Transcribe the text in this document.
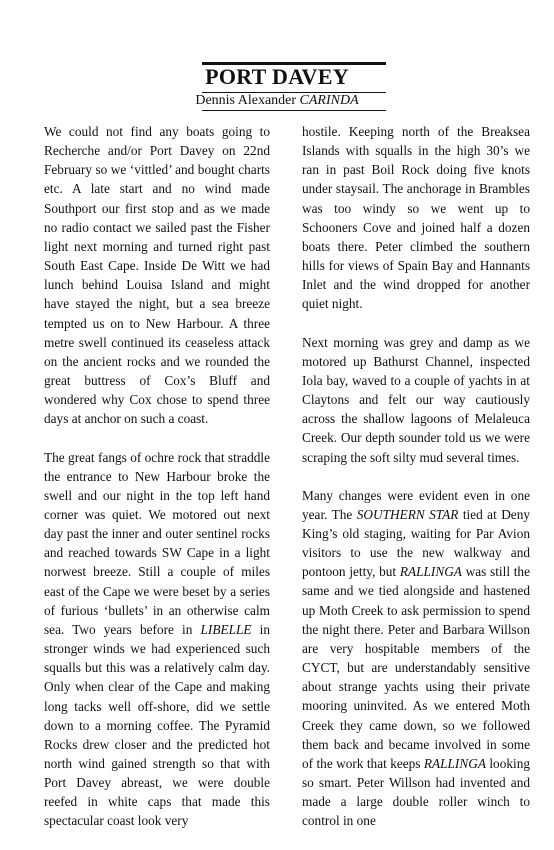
PORT DAVEY
Dennis Alexander CARINDA

We could not find any boats going to Recherche and/or Port Davey on 22nd February so we ‘vittled’ and bought charts etc. A late start and no wind made Southport our first stop and as we made no radio contact we sailed past the Fisher light next morning and turned right past South East Cape. Inside De Witt we had lunch behind Louisa Island and might have stayed the night, but a sea breeze tempted us on to New Harbour. A three metre swell continued its ceaseless attack on the ancient rocks and we rounded the great buttress of Cox’s Bluff and wondered why Cox chose to spend three days at anchor on such a coast.

The great fangs of ochre rock that straddle the entrance to New Harbour broke the swell and our night in the top left hand corner was quiet. We motored out next day past the inner and outer sentinel rocks and reached towards SW Cape in a light norwest breeze. Still a couple of miles east of the Cape we were beset by a series of furious ‘bullets’ in an otherwise calm sea. Two years before in LIBELLE in stronger winds we had experienced such squalls but this was a relatively calm day. Only when clear of the Cape and making long tacks well off-shore, did we settle down to a morning coffee. The Pyramid Rocks drew closer and the predicted hot north wind gained strength so that with Port Davey abreast, we were double reefed in white caps that made this spectacular coast look very

hostile. Keeping north of the Breaksea Islands with squalls in the high 30’s we ran in past Boil Rock doing five knots under staysail. The anchorage in Brambles was too windy so we went up to Schooners Cove and joined half a dozen boats there. Peter climbed the southern hills for views of Spain Bay and Hannants Inlet and the wind dropped for another quiet night.

Next morning was grey and damp as we motored up Bathurst Channel, inspected Iola bay, waved to a couple of yachts in at Claytons and felt our way cautiously across the shallow lagoons of Melaleuca Creek. Our depth sounder told us we were scraping the soft silty mud several times.

Many changes were evident even in one year. The SOUTHERN STAR tied at Deny King’s old staging, waiting for Par Avion visitors to use the new walkway and pontoon jetty, but RALLINGA was still the same and we tied alongside and hastened up Moth Creek to ask permission to spend the night there. Peter and Barbara Willson are very hospitable members of the CYCT, but are understandably sensitive about strange yachts using their private mooring uninvited. As we entered Moth Creek they came down, so we followed them back and became involved in some of the work that keeps RALLINGA looking so smart. Peter Willson had invented and made a large double roller winch to control in one
